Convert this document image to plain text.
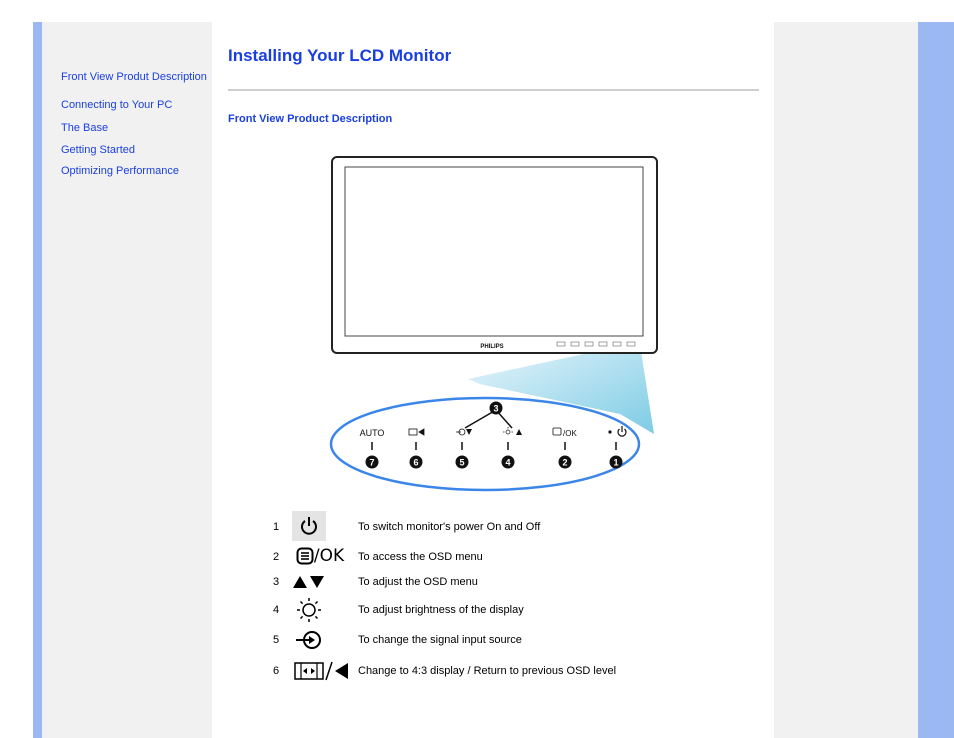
Front View Produt Description
Connecting to Your PC
The Base
Getting Started
Optimizing Performance
Installing Your LCD Monitor
Front View Product Description
PHILIPS
3
AUTO	/OK
7	6	5	4	2	1
1	To switch monitor's power On and Off
2 /OK To access the OSD menu
3	To adjust the OSD menu
4	To adjust brightness of the display
5	To change the signal input source
6	Change to 4:3 display / Return to previous OSD level
